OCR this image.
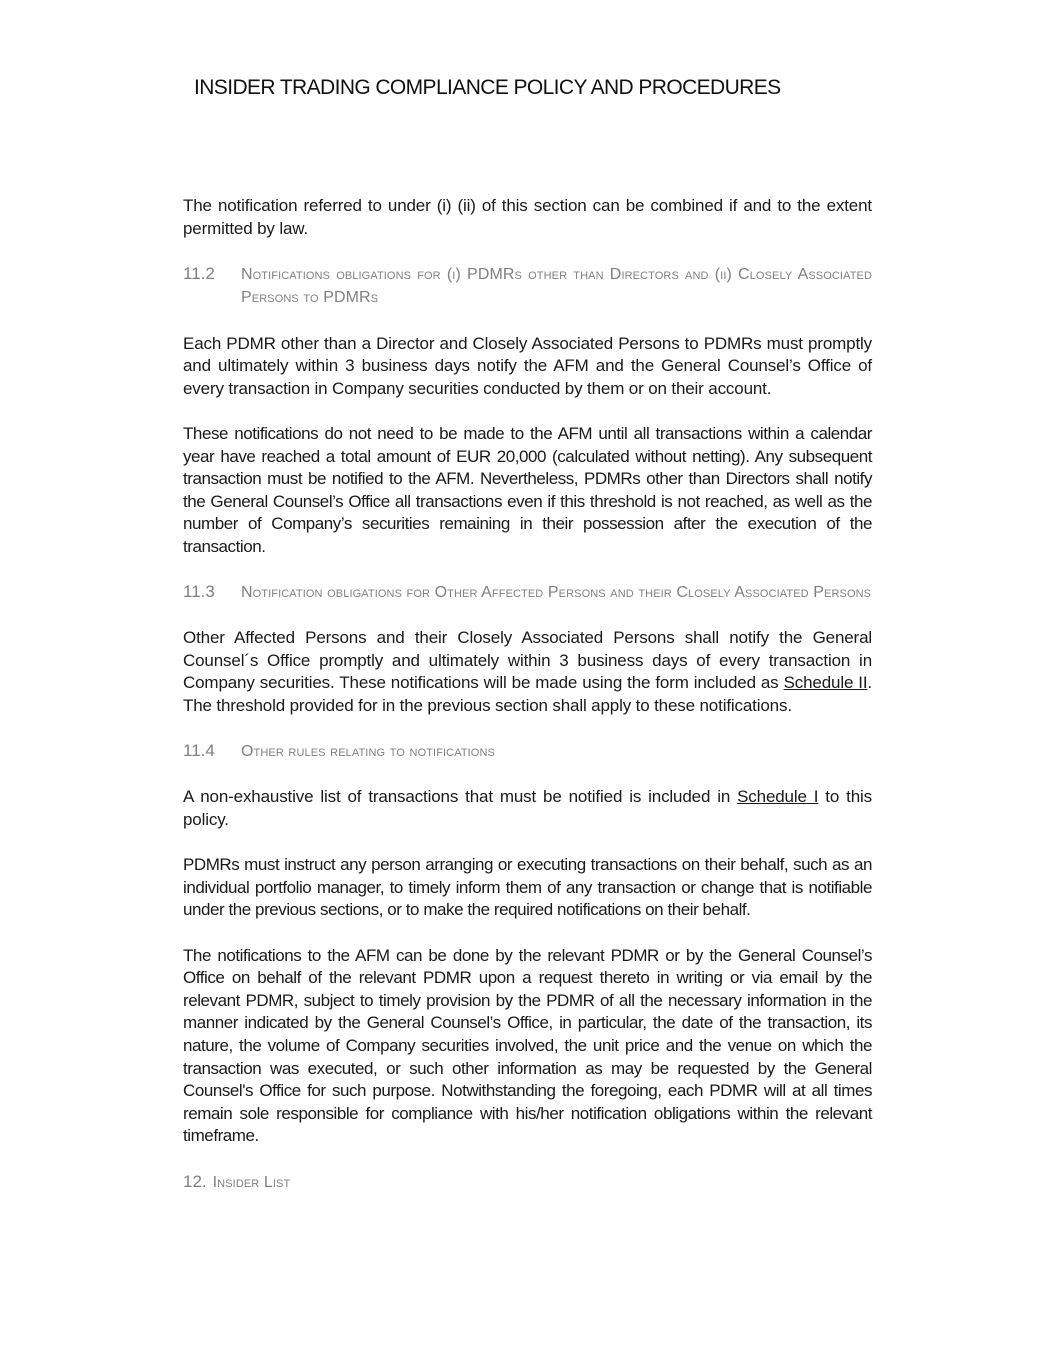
INSIDER TRADING COMPLIANCE POLICY AND PROCEDURES

The notification referred to under (i) (ii) of this section can be combined if and to the extent permitted by law.

11.2 Notifications obligations for (i) PDMRs other than Directors and (ii) Closely Associated Persons to PDMRs

Each PDMR other than a Director and Closely Associated Persons to PDMRs must promptly and ultimately within 3 business days notify the AFM and the General Counsel’s Office of every transaction in Company securities conducted by them or on their account.

These notifications do not need to be made to the AFM until all transactions within a calendar year have reached a total amount of EUR 20,000 (calculated without netting). Any subsequent transaction must be notified to the AFM. Nevertheless, PDMRs other than Directors shall notify the General Counsel’s Office all transactions even if this threshold is not reached, as well as the number of Company’s securities remaining in their possession after the execution of the transaction.

11.3 Notification obligations for Other Affected Persons and their Closely Associated Persons

Other Affected Persons and their Closely Associated Persons shall notify the General Counsel´s Office promptly and ultimately within 3 business days of every transaction in Company securities. These notifications will be made using the form included as Schedule II. The threshold provided for in the previous section shall apply to these notifications.

11.4 Other rules relating to notifications

A non-exhaustive list of transactions that must be notified is included in Schedule I to this policy.

PDMRs must instruct any person arranging or executing transactions on their behalf, such as an individual portfolio manager, to timely inform them of any transaction or change that is notifiable under the previous sections, or to make the required notifications on their behalf.

The notifications to the AFM can be done by the relevant PDMR or by the General Counsel’s Office on behalf of the relevant PDMR upon a request thereto in writing or via email by the relevant PDMR, subject to timely provision by the PDMR of all the necessary information in the manner indicated by the General Counsel’s Office, in particular, the date of the transaction, its nature, the volume of Company securities involved, the unit price and the venue on which the transaction was executed, or such other information as may be requested by the General Counsel's Office for such purpose. Notwithstanding the foregoing, each PDMR will at all times remain sole responsible for compliance with his/her notification obligations within the relevant timeframe.

12. Insider List
